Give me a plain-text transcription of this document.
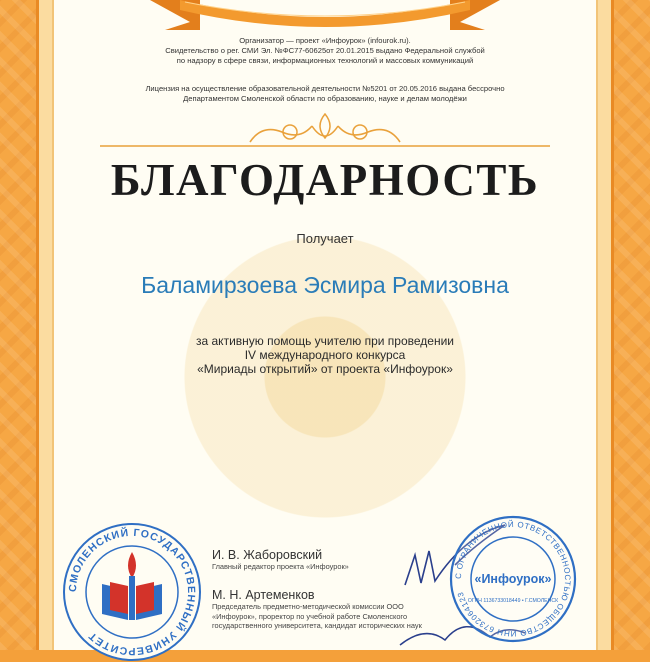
Организатор — проект «Инфоурок» (infourok.ru).

Свидетельство о рег. СМИ Эл. №ФС77-60625от 20.01.2015 выдано Федеральной службой

по надзору в сфере связи, информационных технологий и массовых коммуникаций

Лицензия на осуществление образовательной деятельности №5201 от 20.05.2016 выдана бессрочно

Департаментом Смоленской области по образованию, науке и делам молодёжи

БЛАГОДАРНОСТЬ
Получает
Баламирзоева Эсмира Рамизовна

за активную помощь учителю при проведении

IV международного конкурса

«Мириады открытий» от проекта «Инфоурок»

СМОЛЕНСКИЙ ГОСУДАРСТВЕННЫЙ УНИВЕРСИТЕТ
И. В. Жаборовский
Главный редактор проекта «Инфоурок»
М. Н. Артеменков
Председатель предметно-методической комиссии ООО
«Инфоурок», проректор по учебной работе Смоленского
государственного университета, кандидат исторических наук
С ОГРАНИЧЕННОЙ ОТВЕТСТВЕННОСТЬЮ ОБЩЕСТВО ИНН 6732064123
«Инфоурок»
ОГРН 1136733018449 • Г.СМОЛЕНСК
